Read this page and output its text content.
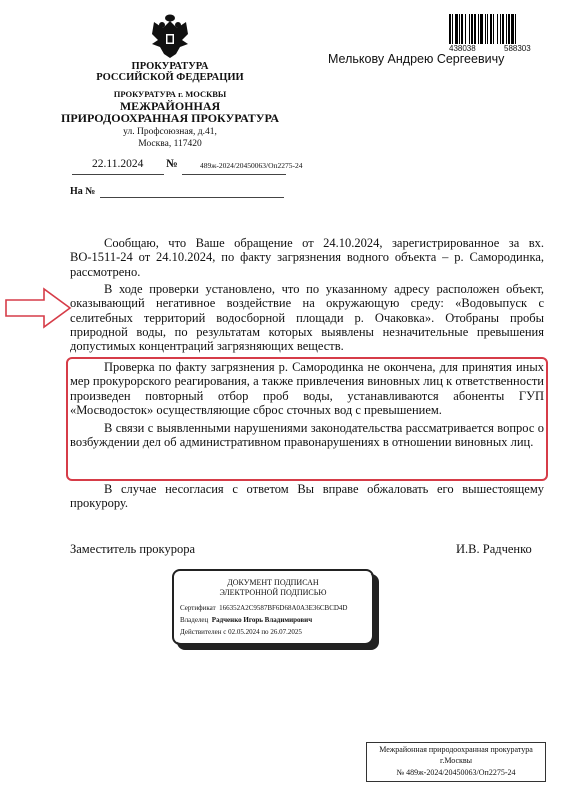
ПРОКУРАТУРА
РОССИЙСКОЙ ФЕДЕРАЦИИ
ПРОКУРАТУРА г. МОСКВЫ
МЕЖРАЙОННАЯ
ПРИРОДООХРАННАЯ ПРОКУРАТУРА
ул. Профсоюзная, д.41,
Москва, 117420
22.11.2024 №	489ж-2024/20450063/Оп2275-24
На №
438038	588303
Мелькову Андрею Сергеевичу

Сообщаю, что Ваше обращение от 24.10.2024, зарегистрированное за вх. ВО-1511-24 от 24.10.2024, по факту загрязнения водного объекта – р. Самородинка, рассмотрено.

В ходе проверки установлено, что по указанному адресу расположен объект, оказывающий негативное воздействие на окружающую среду: «Водовыпуск с селитебных территорий водосборной площади р. Очаковка». Отобраны пробы природной воды, по результатам которых выявлены незначительные превышения допустимых концентраций загрязняющих веществ.

Проверка по факту загрязнения р. Самородинка не окончена, для принятия иных мер прокурорского реагирования, а также привлечения виновных лиц к ответственности произведен повторный отбор проб воды, устанавливаются абоненты ГУП «Мосводосток» осуществляющие сброс сточных вод с превышением.

В связи с выявленными нарушениями законодательства рассматривается вопрос о возбуждении дел об административном правонарушениях в отношении виновных лиц.

В случае несогласия с ответом Вы вправе обжаловать его вышестоящему прокурору.

Заместитель прокурора	И.В. Радченко
ДОКУМЕНТ ПОДПИСАН
ЭЛЕКТРОННОЙ ПОДПИСЬЮ
Сертификат 166352A2C9587BF6D68A0A3E36CBCD4D
Владелец Радченко Игорь Владимирович
Действителен с 02.05.2024 по 26.07.2025
Межрайонная природоохранная прокуратура
г.Москвы
№ 489ж-2024/20450063/Оп2275-24
